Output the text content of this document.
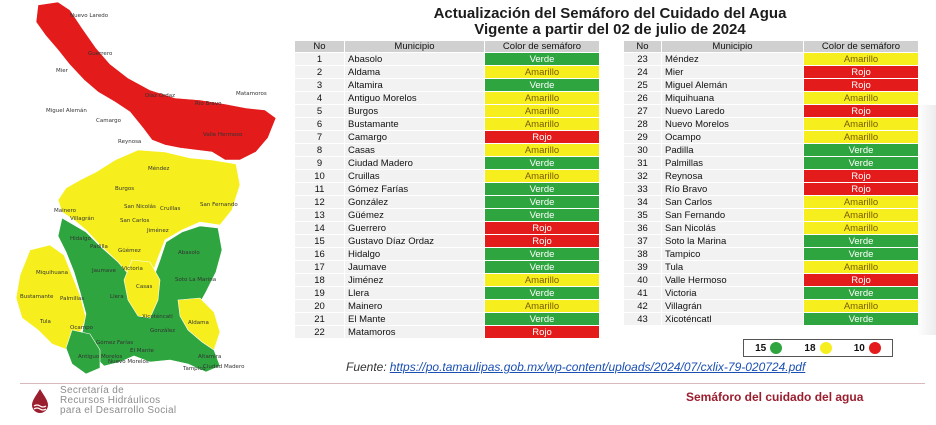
Nuevo Laredo
Guerrero
Mier
Miguel Alemán
Camargo
Díaz Ordaz
Reynosa
Río Bravo
Matamoros
Valle Hermoso
Méndez
Burgos
San Fernando
Cruillas
San Nicolás
Mainero
Villagrán	San Carlos
Jiménez
Hidalgo
Padilla
Güémez	Abasolo
Victoria
Soto La Marina
Miquihuana
Casas
Jaumave
Bustamante Palmillas	Llera
Tula
Ocampo
Xicoténcatl
Gómez Farías
González
Aldama
Altamira
El Mante
Antiguo Morelos
Nuevo Morelos
Ciudad Madero
Tampico
Actualización del Semáforo del Cuidado del Agua
Vigente a partir del 02 de julio de 2024
No	Municipio	Color de semáforo
1	Abasolo	Verde
2	Aldama	Amarillo
3	Altamira	Verde
4	Antiguo Morelos	Amarillo
5	Burgos	Amarillo
6	Bustamante	Amarillo
7	Camargo	Rojo
8	Casas	Amarillo
9	Ciudad Madero	Verde
10	Cruillas	Amarillo
11	Gómez Farías	Verde
12	González	Verde
13	Güémez	Verde
14	Guerrero	Rojo
15	Gustavo Díaz Ordaz	Rojo
16	Hidalgo	Verde
17	Jaumave	Verde
18	Jiménez	Amarillo
19	Llera	Verde
20	Mainero	Amarillo
21	El Mante	Verde
22	Matamoros	Rojo
No	Municipio	Color de semáforo
23	Méndez	Amarillo
24	Mier	Rojo
25	Miguel Alemán	Rojo
26	Miquihuana	Amarillo
27	Nuevo Laredo	Rojo
28	Nuevo Morelos	Amarillo
29	Ocampo	Amarillo
30	Padilla	Verde
31	Palmillas	Verde
32	Reynosa	Rojo
33	Río Bravo	Rojo
34	San Carlos	Amarillo
35	San Fernando	Amarillo
36	San Nicolás	Amarillo
37	Soto la Marina	Verde
38	Tampico	Verde
39	Tula	Amarillo
40	Valle Hermoso	Rojo
41	Victoria	Verde
42	Villagrán	Amarillo
43	Xicoténcatl	Verde
15	18	10
Fuente: https://po.tamaulipas.gob.mx/wp-content/uploads/2024/07/cxlix-79-020724.pdf
Secretaría de
Recursos Hidráulicos
para el Desarrollo Social
Semáforo del cuidado del agua
